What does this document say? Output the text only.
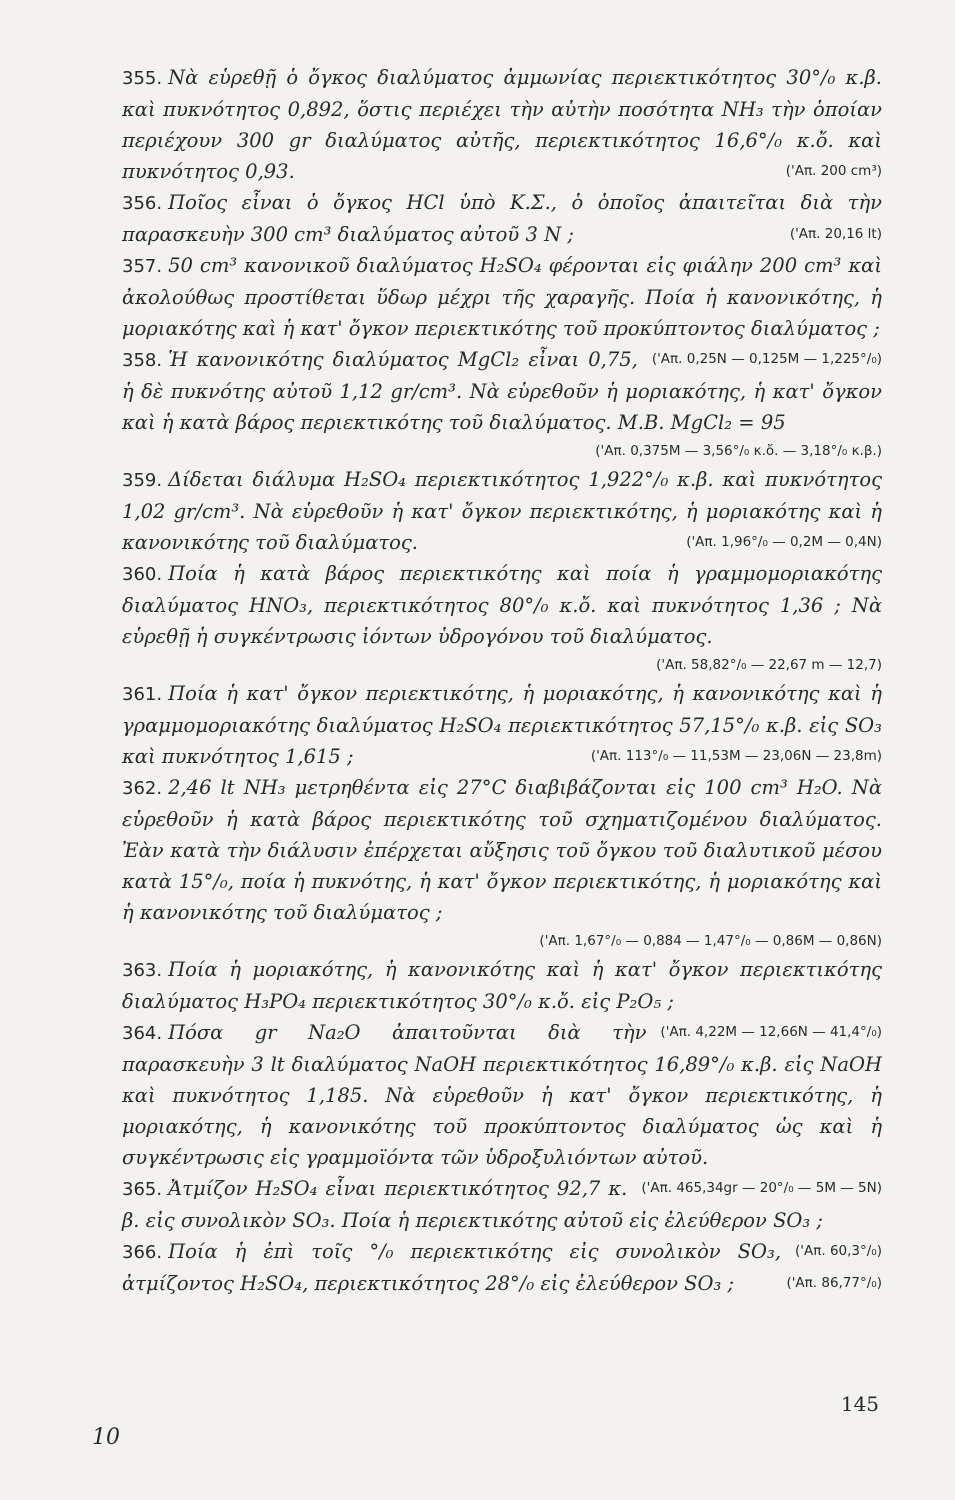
355. Νὰ εὑρεθῇ ὁ ὄγκος διαλύματος ἀμμωνίας περιεκτικότητος 30°/₀ κ.β. καὶ πυκνότητος 0,892, ὅστις περιέχει τὴν αὐτὴν ποσότητα NH₃ τὴν ὁποίαν περιέχουν 300 gr διαλύματος αὐτῆς, περιεκτικότητος 16,6°/₀ κ.ὄ. καὶ πυκνότητος 0,93.	('Απ. 200 cm³)

356. Ποῖος εἶναι ὁ ὄγκος HCl ὑπὸ Κ.Σ., ὁ ὁποῖος ἀπαιτεῖται διὰ τὴν παρασκευὴν 300 cm³ διαλύματος αὐτοῦ 3 N ;	('Απ. 20,16 lt)

357. 50 cm³ κανονικοῦ διαλύματος H₂SO₄ φέρονται εἰς φιάλην 200 cm³ καὶ ἀκολούθως προστίθεται ὕδωρ μέχρι τῆς χαραγῆς. Ποία ἡ κανονικότης, ἡ μοριακότης καὶ ἡ κατ' ὄγκον περιεκτικότης τοῦ προκύπτοντος διαλύματος ;
('Απ. 0,25N — 0,125M — 1,225°/₀)

358. Ἡ κανονικότης διαλύματος MgCl₂ εἶναι 0,75, ἡ δὲ πυκνότης αὐτοῦ 1,12 gr/cm³. Νὰ εὑρεθοῦν ἡ μοριακότης, ἡ κατ' ὄγκον καὶ ἡ κατὰ βάρος περιεκτικότης τοῦ διαλύματος. Μ.Β. MgCl₂ = 95
('Απ. 0,375M — 3,56°/₀ κ.ὄ. — 3,18°/₀ κ.β.)

359. Δίδεται διάλυμα H₂SO₄ περιεκτικότητος 1,922°/₀ κ.β. καὶ πυκνότητος 1,02 gr/cm³. Νὰ εὑρεθοῦν ἡ κατ' ὄγκον περιεκτικότης, ἡ μοριακότης καὶ ἡ κανονικότης τοῦ διαλύματος.	('Απ. 1,96°/₀ — 0,2M — 0,4N)

360. Ποία ἡ κατὰ βάρος περιεκτικότης καὶ ποία ἡ γραμμομοριακότης διαλύματος HNO₃, περιεκτικότητος 80°/₀ κ.ὄ. καὶ πυκνότητος 1,36 ; Νὰ εὑρεθῇ ἡ συγκέντρωσις ἰόντων ὑδρογόνου τοῦ διαλύματος.
('Απ. 58,82°/₀ — 22,67 m — 12,7)

361. Ποία ἡ κατ' ὄγκον περιεκτικότης, ἡ μοριακότης, ἡ κανονικότης καὶ ἡ γραμμομοριακότης διαλύματος H₂SO₄ περιεκτικότητος 57,15°/₀ κ.β. εἰς SO₃ καὶ πυκνότητος 1,615 ;	('Απ. 113°/₀ — 11,53M — 23,06N — 23,8m)

362. 2,46 lt NH₃ μετρηθέντα εἰς 27°C διαβιβάζονται εἰς 100 cm³ H₂O. Νὰ εὑρεθοῦν ἡ κατὰ βάρος περιεκτικότης τοῦ σχηματιζομένου διαλύματος. Ἐὰν κατὰ τὴν διάλυσιν ἐπέρχεται αὔξησις τοῦ ὄγκου τοῦ διαλυτικοῦ μέσου κατὰ 15°/₀, ποία ἡ πυκνότης, ἡ κατ' ὄγκον περιεκτικότης, ἡ μοριακότης καὶ ἡ κανονικότης τοῦ διαλύματος ;
('Απ. 1,67°/₀ — 0,884 — 1,47°/₀ — 0,86M — 0,86N)

363. Ποία ἡ μοριακότης, ἡ κανονικότης καὶ ἡ κατ' ὄγκον περιεκτικότης διαλύματος H₃PO₄ περιεκτικότητος 30°/₀ κ.ὄ. εἰς P₂O₅ ;
('Απ. 4,22M — 12,66N — 41,4°/₀)

364. Πόσα gr Na₂O ἀπαιτοῦνται διὰ τὴν παρασκευὴν 3 lt διαλύματος NaOH περιεκτικότητος 16,89°/₀ κ.β. εἰς NaOH καὶ πυκνότητος 1,185. Νὰ εὑρεθοῦν ἡ κατ' ὄγκον περιεκτικότης, ἡ μοριακότης, ἡ κανονικότης τοῦ προκύπτοντος διαλύματος ὡς καὶ ἡ συγκέντρωσις εἰς γραμμοϊόντα τῶν ὑδροξυλιόντων αὐτοῦ.
('Απ. 465,34gr — 20°/₀ — 5M — 5N)

365. Ἀτμίζον H₂SO₄ εἶναι περιεκτικότητος 92,7 κ. β. εἰς συνολικὸν SO₃. Ποία ἡ περιεκτικότης αὐτοῦ εἰς ἐλεύθερον SO₃ ;
('Απ. 60,3°/₀)

366. Ποία ἡ ἐπὶ τοῖς °/₀ περιεκτικότης εἰς συνολικὸν SO₃, ἀτμίζοντος H₂SO₄, περιεκτικότητος 28°/₀ εἰς ἐλεύθερον SO₃ ;	('Απ. 86,77°/₀)

145
10
